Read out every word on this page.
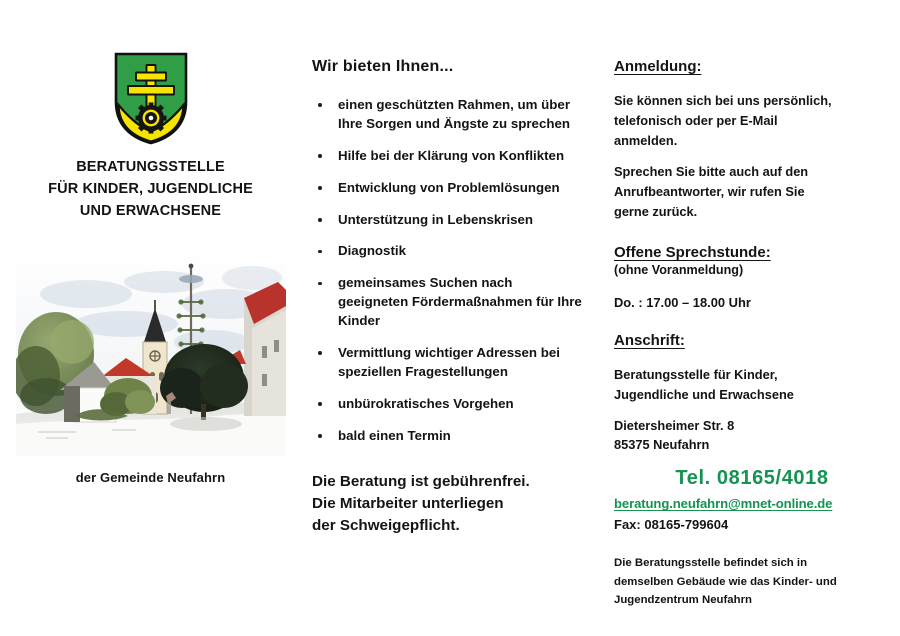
BERATUNGSSTELLE
FÜR KINDER, JUGENDLICHE
UND ERWACHSENE
der Gemeinde Neufahrn
Wir bieten Ihnen...
einen geschützten Rahmen, um über Ihre Sorgen und Ängste zu sprechen
Hilfe bei der Klärung von Konflikten
Entwicklung von Problemlösungen
Unterstützung in Lebenskrisen
Diagnostik
gemeinsames Suchen nach geeigneten Fördermaßnahmen für Ihre Kinder
Vermittlung wichtiger Adressen bei speziellen Fragestellungen
unbürokratisches Vorgehen
bald einen Termin
Die Beratung ist gebührenfrei.
Die Mitarbeiter unterliegen
der Schweigepflicht.
Anmeldung:
Sie können sich bei uns persönlich,
telefonisch oder per E-Mail
anmelden.
Sprechen Sie bitte auch auf den
Anrufbeantworter, wir rufen Sie
gerne zurück.
Offene Sprechstunde:
(ohne Voranmeldung)
Do. : 17.00 – 18.00 Uhr
Anschrift:
Beratungsstelle für Kinder,
Jugendliche und Erwachsene
Dietersheimer Str. 8
85375 Neufahrn
Tel. 08165/4018
beratung.neufahrn@mnet-online.de
Fax: 08165-799604
Die Beratungsstelle befindet sich in
demselben Gebäude wie das Kinder- und
Jugendzentrum Neufahrn
